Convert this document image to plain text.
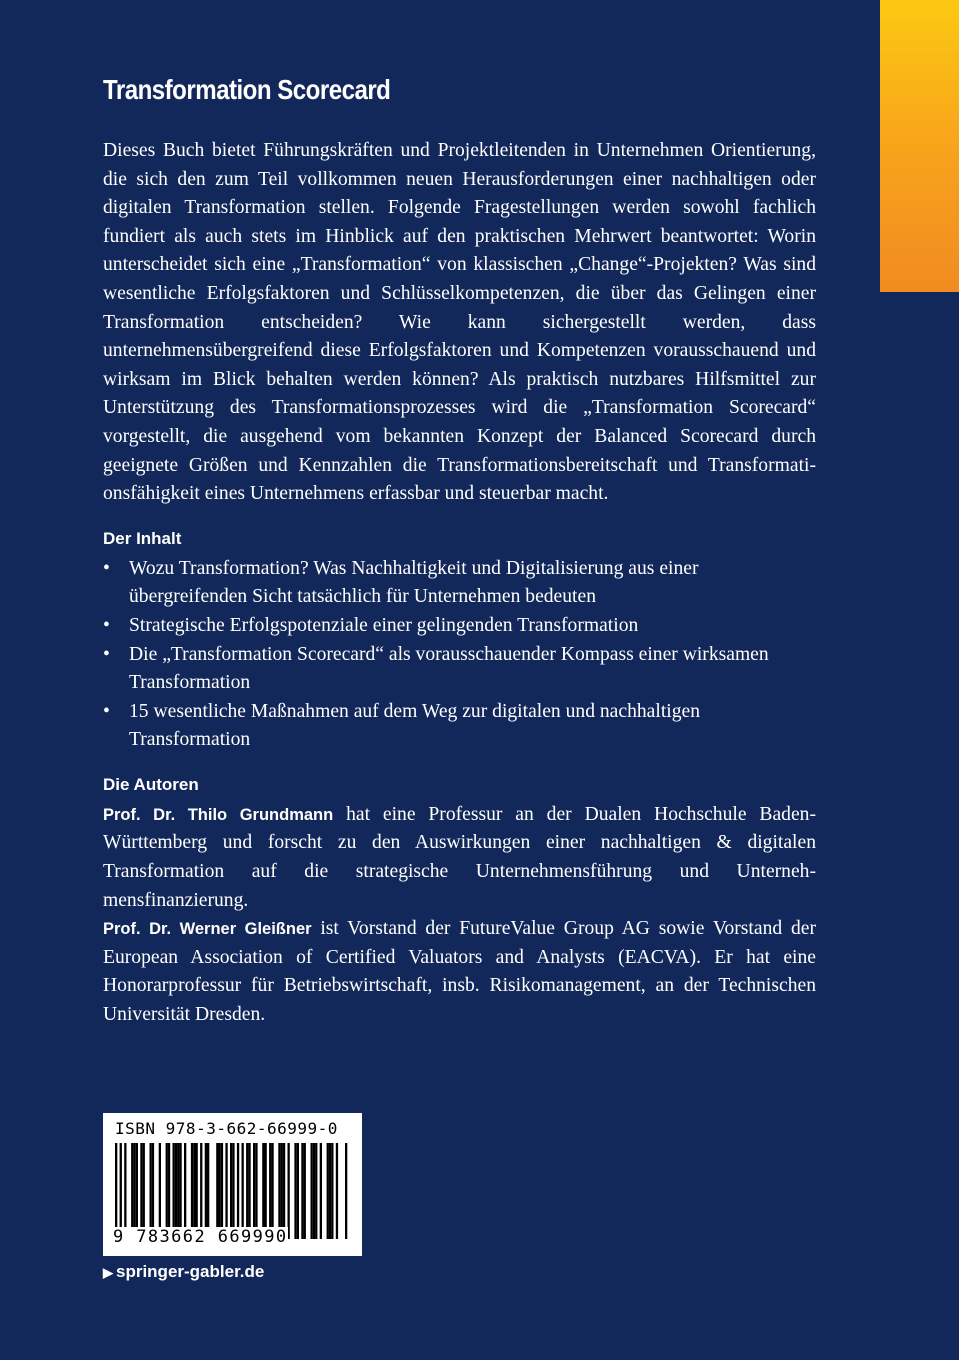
Transformation Scorecard

Dieses Buch bietet Führungskräften und Projektleitenden in Unternehmen Orientierung, die sich den zum Teil vollkommen neuen Herausforderungen einer nachhaltigen oder digitalen Transformation stellen. Folgende Fragestellungen werden sowohl fachlich fundiert als auch stets im Hinblick auf den praktischen Mehrwert beantwortet: Worin unterscheidet sich eine „Transformation“ von klassischen „Change“-Projekten? Was sind wesentliche Erfolgsfaktoren und Schlüsselkompetenzen, die über das Gelingen einer Transformation entscheiden? Wie kann sichergestellt werden, dass unternehmensübergreifend diese Erfolgsfaktoren und Kompetenzen vorausschauend und wirksam im Blick behalten werden können? Als praktisch nutzbares Hilfsmittel zur Unterstützung des Transformationsprozesses wird die „Transformation Scorecard“ vorgestellt, die ausgehend vom bekannten Konzept der Balanced Scorecard durch geeignete Größen und Kennzahlen die Transformationsbereitschaft und Transformationsfähigkeit eines Unternehmens erfassbar und steuerbar macht.

Der Inhalt
• Wozu Transformation? Was Nachhaltigkeit und Digitalisierung aus einer übergreifenden Sicht tatsächlich für Unternehmen bedeuten
• Strategische Erfolgspotenziale einer gelingenden Transformation
• Die „Transformation Scorecard“ als vorausschauender Kompass einer wirksamen Transformation
• 15 wesentliche Maßnahmen auf dem Weg zur digitalen und nachhaltigen Transformation
Die Autoren

Prof. Dr. Thilo Grundmann hat eine Professur an der Dualen Hochschule Baden-Württemberg und forscht zu den Auswirkungen einer nachhaltigen & digitalen Transformation auf die strategische Unternehmensführung und Unternehmensfinanzierung.

Prof. Dr. Werner Gleißner ist Vorstand der FutureValue Group AG sowie Vorstand der European Association of Certified Valuators and Analysts (EACVA). Er hat eine Honorarprofessur für Betriebswirtschaft, insb. Risikomanagement, an der Technischen Universität Dresden.

ISBN 978-3-662-66999-0
9 783662 669990
▶ springer-gabler.de
